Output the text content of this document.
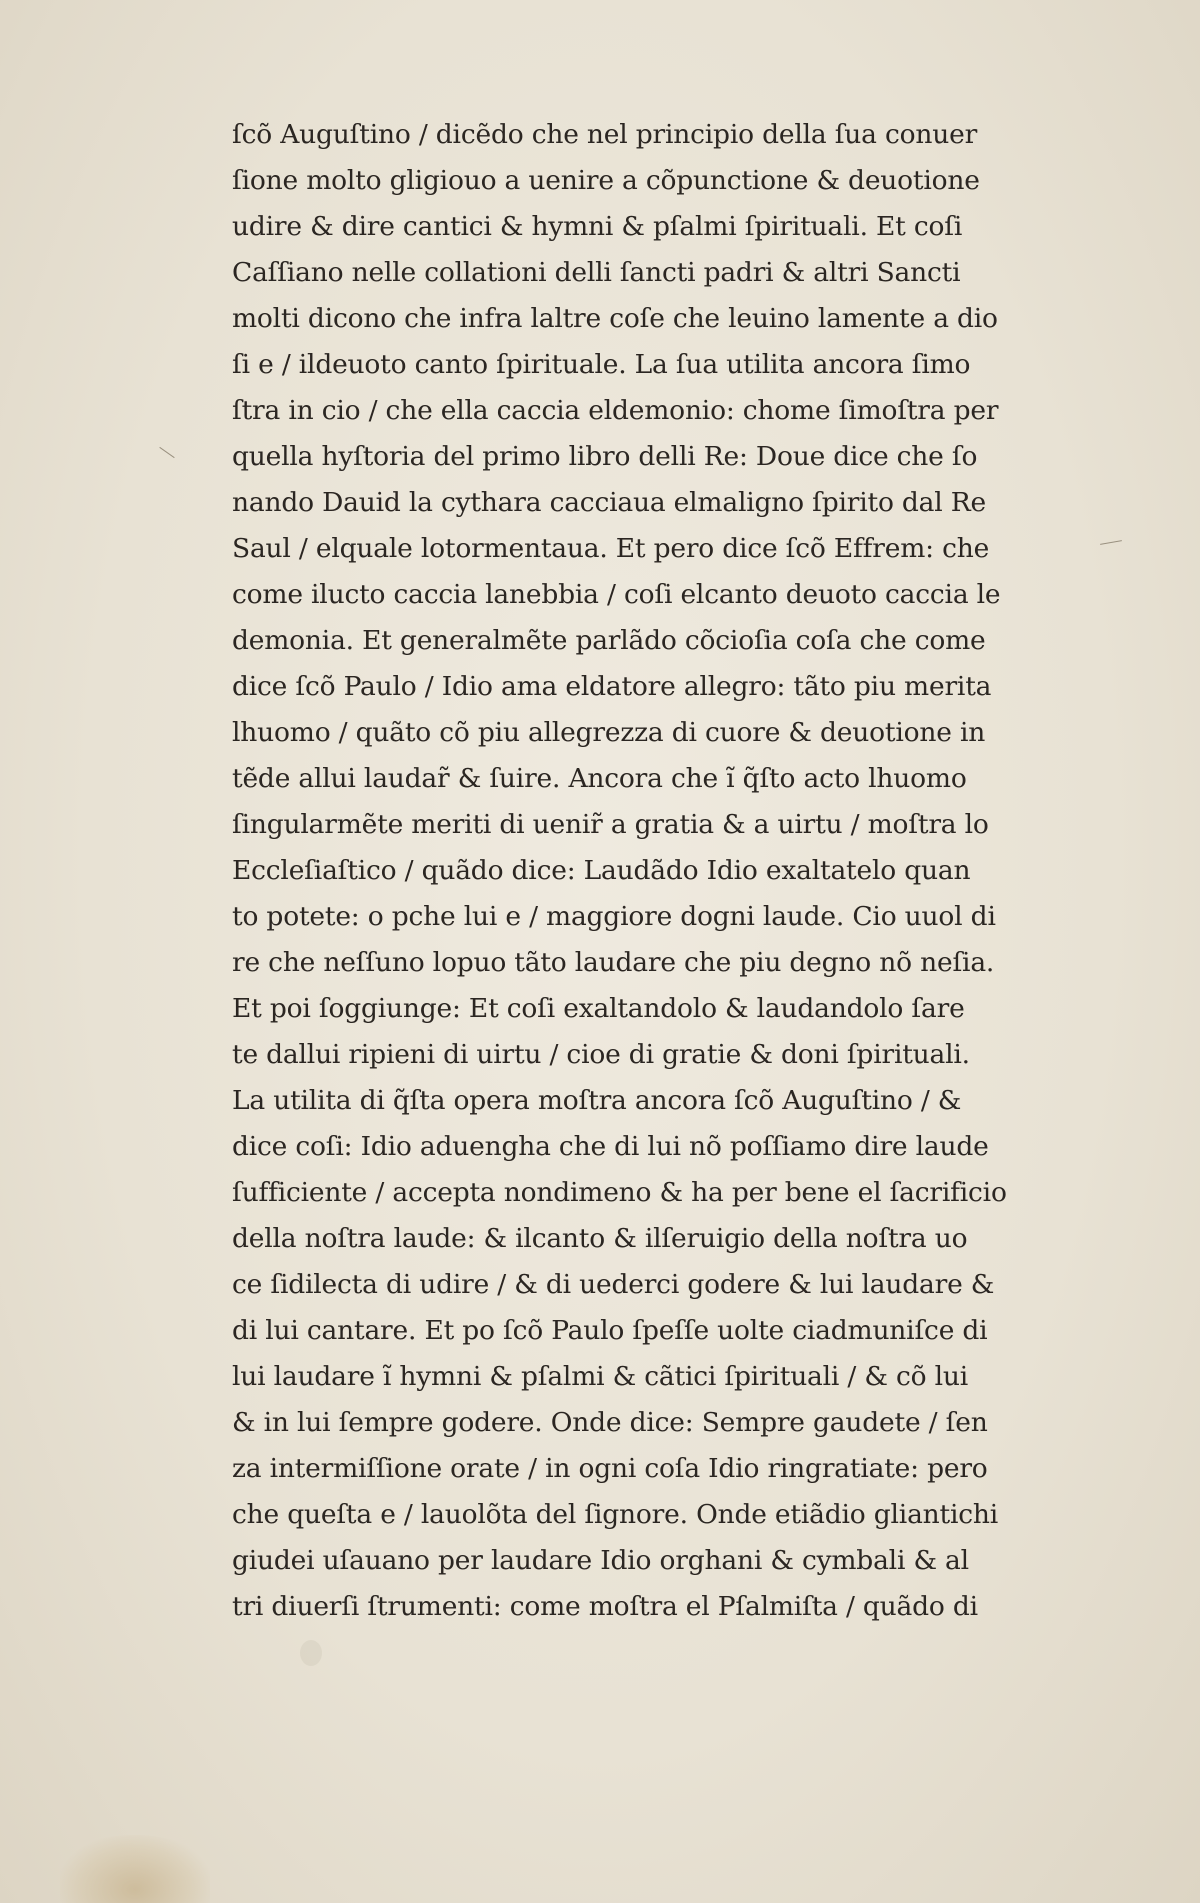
ſcõ Auguſtino / dicẽdo che nel principio della ſua conuer
ſione molto gligiouo a uenire a cõpunctione & deuotione
udire & dire cantici & hymni & pſalmi ſpirituali. Et coſi
Caſſiano nelle collationi delli ſancti padri & altri Sancti
molti dicono che infra laltre coſe che leuino lamente a dio
ſi e / ildeuoto canto ſpirituale. La ſua utilita ancora ſimo
ſtra in cio / che ella caccia eldemonio: chome ſimoſtra per
quella hyſtoria del primo libro delli Re: Doue dice che ſo
nando Dauid la cythara cacciaua elmaligno ſpirito dal Re
Saul / elquale lotormentaua. Et pero dice ſcõ Effrem: che
come ilucto caccia lanebbia / coſi elcanto deuoto caccia le
demonia. Et generalmẽte parlãdo cõcioſia coſa che come
dice ſcõ Paulo / Idio ama eldatore allegro: tãto piu merita
lhuomo / quãto cõ piu allegrezza di cuore & deuotione in
tẽde allui laudar̃ & ſuire. Ancora che ĩ q̃ſto acto lhuomo
ſingularmẽte meriti di uenir̃ a gratia & a uirtu / moſtra lo
Eccleſiaſtico / quãdo dice: Laudãdo Idio exaltatelo quan
to potete: o pche lui e / maggiore dogni laude. Cio uuol di
re che neſſuno lopuo tãto laudare che piu degno nõ neſia.
Et poi ſoggiunge: Et coſi exaltandolo & laudandolo ſare
te dallui ripieni di uirtu / cioe di gratie & doni ſpirituali.
La utilita di q̃ſta opera moſtra ancora ſcõ Auguſtino / &
dice coſi: Idio aduengha che di lui nõ poſſiamo dire laude
ſufficiente / accepta nondimeno & ha per bene el ſacrificio
della noſtra laude: & ilcanto & ilſeruigio della noſtra uo
ce ſidilecta di udire / & di uederci godere & lui laudare &
di lui cantare. Et po ſcõ Paulo ſpeſſe uolte ciadmuniſce di
lui laudare ĩ hymni & pſalmi & cãtici ſpirituali / & cõ lui
& in lui ſempre godere. Onde dice: Sempre gaudete / ſen
za intermiſſione orate / in ogni coſa Idio ringratiate: pero
che queſta e / lauolõta del ſignore. Onde etiãdio gliantichi
giudei uſauano per laudare Idio orghani & cymbali & al
tri diuerſi ſtrumenti: come moſtra el Pſalmiſta / quãdo di
